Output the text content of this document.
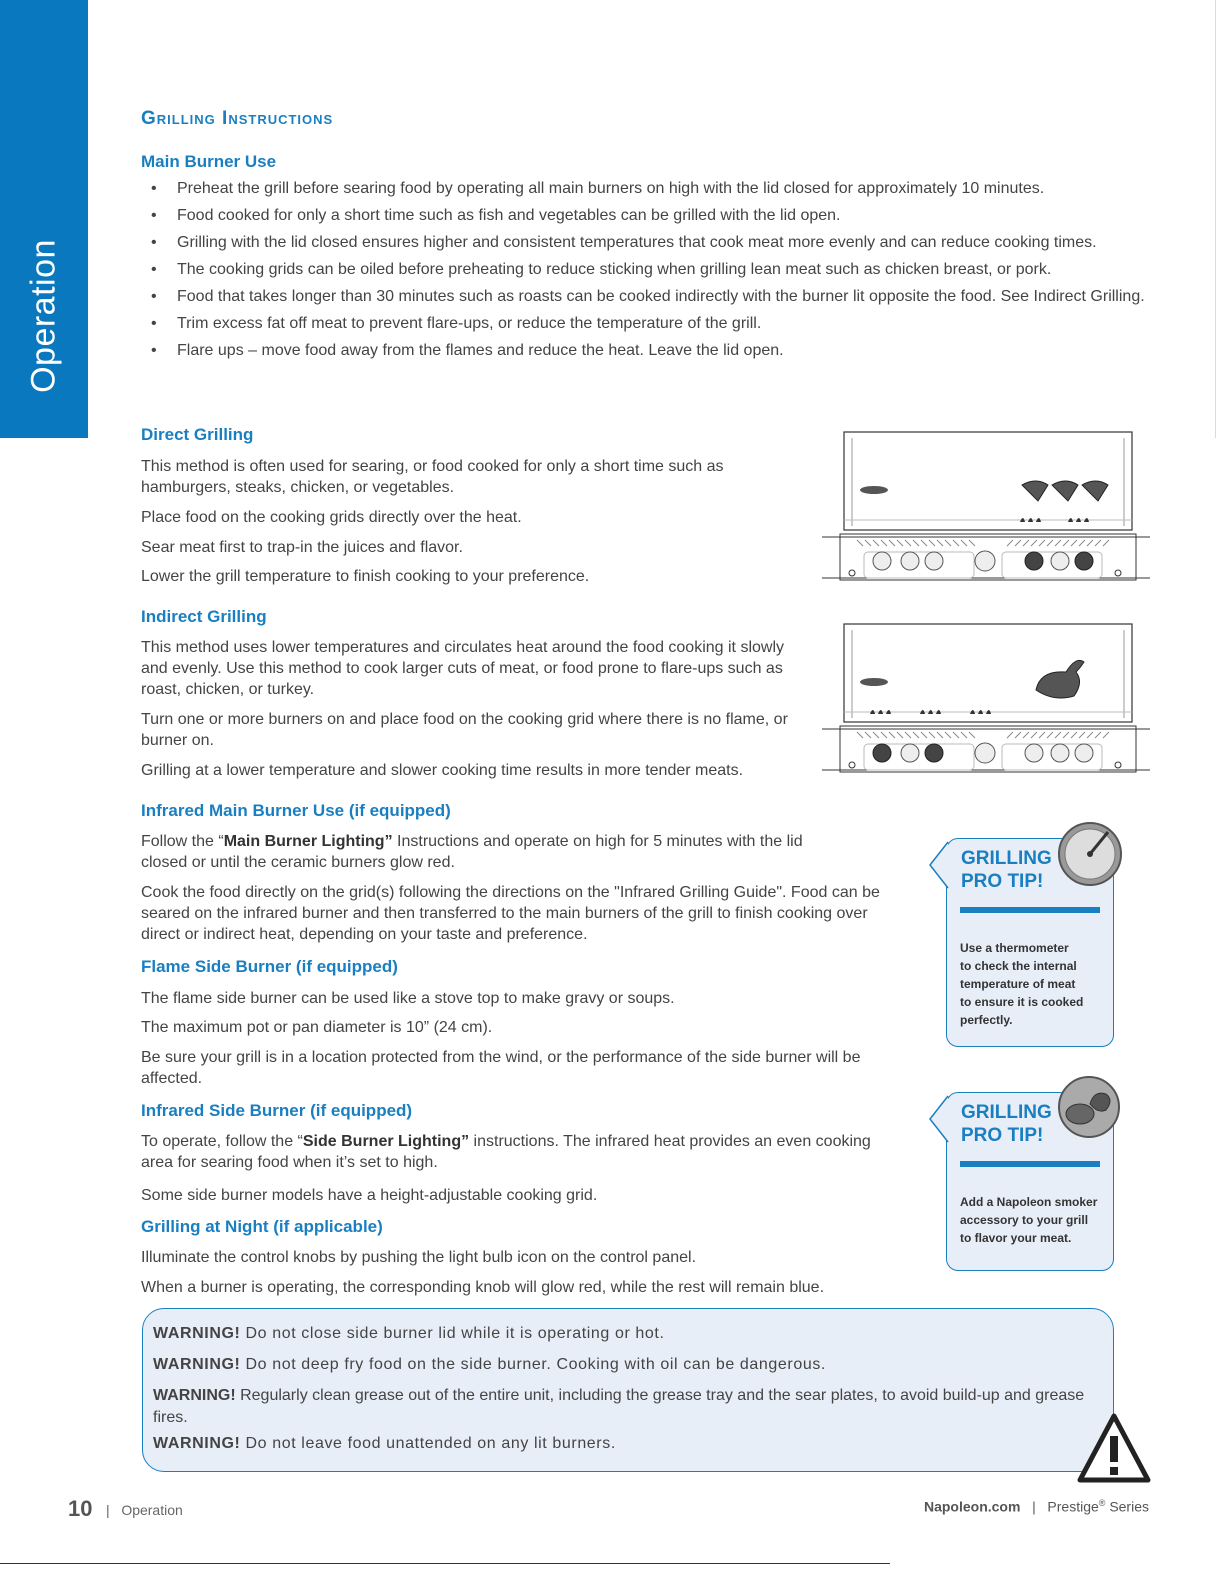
Operation
Grilling Instructions
Main Burner Use
• Preheat the grill before searing food by operating all main burners on high with the lid closed for approximately 10 minutes.
• Food cooked for only a short time such as fish and vegetables can be grilled with the lid open.
• Grilling with the lid closed ensures higher and consistent temperatures that cook meat more evenly and can reduce cooking times.
• The cooking grids can be oiled before preheating to reduce sticking when grilling lean meat such as chicken breast, or pork.
• Food that takes longer than 30 minutes such as roasts can be cooked indirectly with the burner lit opposite the food. See Indirect Grilling.
• Trim excess fat off meat to prevent flare-ups, or reduce the temperature of the grill.
• Flare ups – move food away from the flames and reduce the heat. Leave the lid open.
Direct Grilling
This method is often used for searing, or food cooked for only a short time such as hamburgers, steaks, chicken, or vegetables.
Place food on the cooking grids directly over the heat.
Sear meat first to trap-in the juices and flavor.
Lower the grill temperature to finish cooking to your preference.
Indirect Grilling
This method uses lower temperatures and circulates heat around the food cooking it slowly and evenly. Use this method to cook larger cuts of meat, or food prone to flare-ups such as roast, chicken, or turkey.
Turn one or more burners on and place food on the cooking grid where there is no flame, or burner on.
Grilling at a lower temperature and slower cooking time results in more tender meats.
Infrared Main Burner Use (if equipped)
Follow the “Main Burner Lighting” Instructions and operate on high for 5 minutes with the lid closed or until the ceramic burners glow red.
Cook the food directly on the grid(s) following the directions on the "Infrared Grilling Guide". Food can be seared on the infrared burner and then transferred to the main burners of the grill to finish cooking over direct or indirect heat, depending on your taste and preference.
Flame Side Burner (if equipped)
The flame side burner can be used like a stove top to make gravy or soups.
The maximum pot or pan diameter is 10” (24 cm).
Be sure your grill is in a location protected from the wind, or the performance of the side burner will be affected.
Infrared Side Burner (if equipped)
To operate, follow the “Side Burner Lighting” instructions. The infrared heat provides an even cooking area for searing food when it’s set to high.
Some side burner models have a height-adjustable cooking grid.
Grilling at Night (if applicable)
Illuminate the control knobs by pushing the light bulb icon on the control panel.
When a burner is operating, the corresponding knob will glow red, while the rest will remain blue.
GRILLING
PRO TIP!
Use a thermometer
to check the internal
temperature of meat
to ensure it is cooked
perfectly.
GRILLING
PRO TIP!
Add a Napoleon smoker
accessory to your grill
to flavor your meat.
WARNING! Do not close side burner lid while it is operating or hot.
WARNING! Do not deep fry food on the side burner. Cooking with oil can be dangerous.
WARNING! Regularly clean grease out of the entire unit, including the grease tray and the sear plates, to avoid build-up and grease fires.
WARNING! Do not leave food unattended on any lit burners.
10 | Operation	Napoleon.com | Prestige® Series
